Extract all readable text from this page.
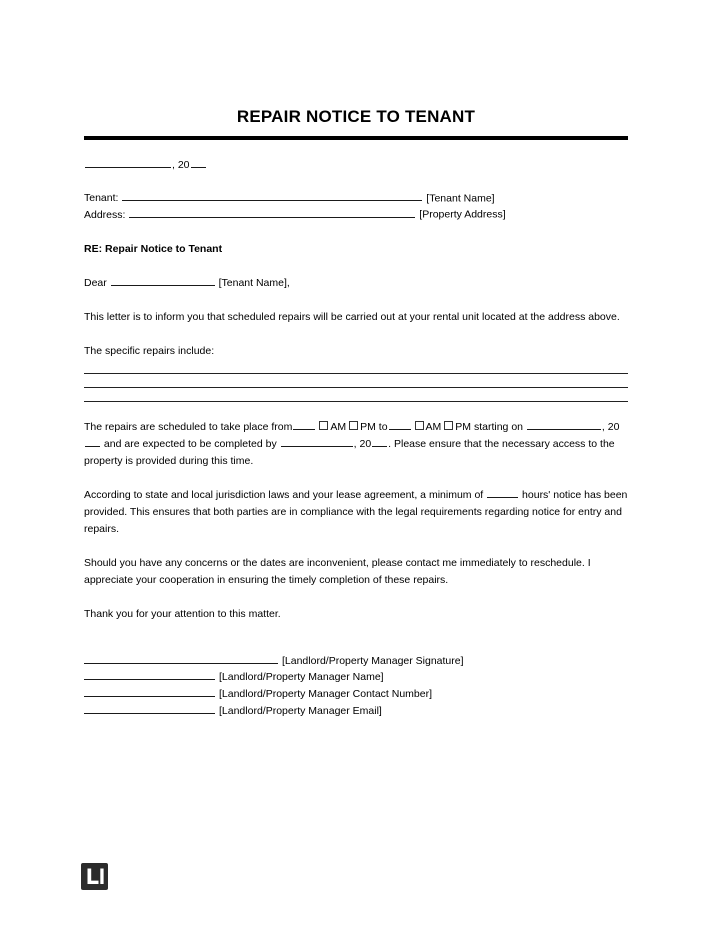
REPAIR NOTICE TO TENANT
, 20
Tenant:	[Tenant Name]
Address:	[Property Address]
RE: Repair Notice to Tenant
Dear	[Tenant Name],
This letter is to inform you that scheduled repairs will be carried out at your rental unit located at the address above.
The specific repairs include:
The repairs are scheduled to take place from	AM PM to	AM PM starting on	, 20 and are expected to be completed by	, 20 . Please ensure that the necessary access to the property is provided during this time.
According to state and local jurisdiction laws and your lease agreement, a minimum of	hours' notice has been provided. This ensures that both parties are in compliance with the legal requirements regarding notice for entry and repairs.
Should you have any concerns or the dates are inconvenient, please contact me immediately to reschedule. I appreciate your cooperation in ensuring the timely completion of these repairs.
Thank you for your attention to this matter.
[Landlord/Property Manager Signature]
[Landlord/Property Manager Name]
[Landlord/Property Manager Contact Number]
[Landlord/Property Manager Email]
